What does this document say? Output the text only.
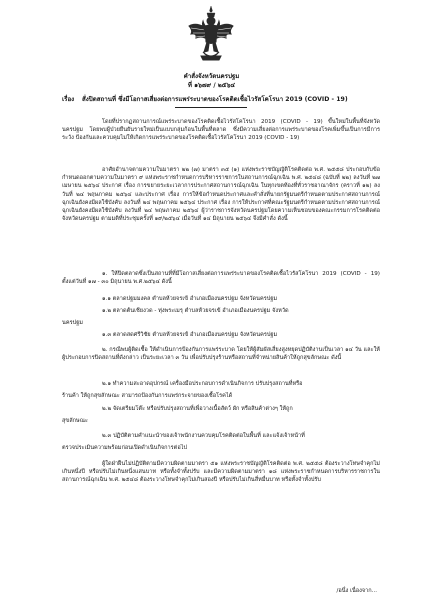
คำสั่งจังหวัดนครปฐม
ที่ ๑๖๗๙ / ๒๕๖๔
เรื่อง สั่งปิดสถานที่ ซึ่งมีโอกาสเสี่ยงต่อการแพร่ระบาดของโรคติดเชื้อไวรัสโคโรนา 2019 (COVID - 19)
โดยที่ปรากฏสถานการณ์แพร่ระบาดของโรคติดเชื้อไวรัสโคโรนา 2019 (COVID - 19) ขึ้นใหม่ในพื้นที่จังหวัดนครปฐม โดยพบผู้ป่วยยืนยันรายใหม่เป็นแบบกลุ่มก้อนในพื้นที่ตลาด ซึ่งมีความเสี่ยงต่อการแพร่ระบาดของโรคเพิ่มขึ้นเป็นการมีการระวัง ป้องกันและควบคุมไม่ให้เกิดการแพร่ระบาดของโรคติดเชื้อไวรัสโคโรนา 2019 (COVID - 19)
อาศัยอำนาจตามความในมาตรา ๒๒ (๗) มาตรา ๓๕ (๑) แห่งพระราชบัญญัติโรคติดต่อ พ.ศ. ๒๕๕๘ ประกอบกับข้อกำหนดออกตามความในมาตรา ๙ แห่งพระราชกำหนดการบริหารราชการในสถานการณ์ฉุกเฉิน พ.ศ. ๒๕๔๘ (ฉบับที่ ๒๒) ลงวันที่ ๒๗ เมษายน ๒๕๖๔ ประกาศ เรื่อง การขยายระยะเวลาการประกาศสถานการณ์ฉุกเฉิน ในทุกเขตท้องที่ทั่วราชอาณาจักร (คราวที่ ๑๒) ลงวันที่ ๒๔ พฤษภาคม ๒๕๖๔ และประกาศ เรื่อง การให้ข้อกำหนดประกาศและคำสั่งที่นายกรัฐมนตรีกำหนดตามประกาศสถานการณ์ฉุกเฉินยังคงมีผลใช้บังคับ ลงวันที่ ๒๔ พฤษภาคม ๒๕๖๔ ประกาศ เรื่อง การให้ประกาศที่คณะรัฐมนตรีกำหนดตามประกาศสถานการณ์ฉุกเฉินยังคงมีผลใช้บังคับ ลงวันที่ ๒๔ พฤษภาคม ๒๕๖๔ ผู้ว่าราชการจังหวัดนครปฐมโดยความเห็นชอบของคณะกรรมการโรคติดต่อจังหวัดนครปฐม ตามมติที่ประชุมครั้งที่ ๑๙/๒๕๖๔ เมื่อวันที่ ๑๔ มิถุนายน ๒๕๖๔ จึงมีคำสั่ง ดังนี้
๑. ให้ปิดตลาดซึ่งเป็นสถานที่ที่มีโอกาสเสี่ยงต่อการแพร่ระบาดของโรคติดเชื้อไวรัสโคโรนา 2019 (COVID - 19) ตั้งแต่วันที่ ๑๗ - ๓๐ มิถุนายน พ.ศ.๒๕๖๔ ดังนี้
๑.๑ ตลาดปฐมมงคล ตำบลห้วยจรเข้ อำเภอเมืองนครปฐม จังหวัดนครปฐม
๑.๒ ตลาดต้นเชียงวด - ทุ่งพระเมรุ ตำบลห้วยจรเข้ อำเภอเมืองนครปฐม จังหวัด
นครปฐม
๑.๓ ตลาดสดศรีวิชัย ตำบลห้วยจรเข้ อำเภอเมืองนครปฐม จังหวัดนครปฐม
๒. กรณีพบผู้ติดเชื้อ ให้ดำเนินการป้องกันการแพร่ระบาด โดยให้ผู้สัมผัสเสี่ยงสูงหยุดปฏิบัติงานเป็นเวลา ๑๔ วัน และให้ผู้ประกอบการปิดสถานที่ดังกล่าว เป็นระยะเวลา ๓ วัน เพื่อปรับปรุงร้านหรือสถานที่จำหน่ายสินค้าให้ถูกสุขลักษณะ ดังนี้
๒.๑ ทำความสะอาดอุปกรณ์ เครื่องมือประกอบการดำเนินกิจการ ปรับปรุงสถานที่หรือ
ร้านค้า ให้ถูกสุขลักษณะ สามารถป้องกันการแพร่กระจายของเชื้อโรคได้
๒.๒ จัดเตรียมโต๊ะ หรือปรับปรุงสถานที่เพื่อวางเนื้อสัตว์ ผัก หรือสินค้าต่างๆ ให้ถูก
สุขลักษณะ
๒.๓ ปฏิบัติตามคำแนะนำของเจ้าพนักงานควบคุมโรคติดต่อในพื้นที่ และแจ้งเจ้าหน้าที่
ตรวจประเมินความพร้อมก่อนเปิดดำเนินกิจการต่อไป
ผู้ใดฝ่าฝืนไม่ปฏิบัติตามมีความผิดตามมาตรา ๕๑ แห่งพระราชบัญญัติโรคติดต่อ พ.ศ. ๒๕๕๘ ต้องระวางโทษจำคุกไม่เกินหนึ่งปี หรือปรับไม่เกินหนึ่งแสนบาท หรือทั้งจำทั้งปรับ และมีความผิดตามมาตรา ๑๘ แห่งพระราชกำหนดการบริหารราชการในสถานการณ์ฉุกเฉิน พ.ศ. ๒๕๔๘ ต้องระวางโทษจำคุกไม่เกินสองปี หรือปรับไม่เกินสี่หมื่นบาท หรือทั้งจำทั้งปรับ
/อนึ่ง เนื่องจาก...
